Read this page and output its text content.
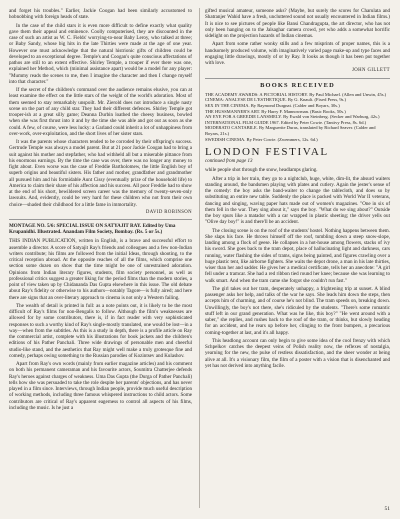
and forget his troubles." Earlier, Jackie Coogan had been similarly accustomed to hobnobbing with foreign heads of state.

In the case of the child stars it is even more difficult to define exactly what quality gave them their appeal and eminence. Coolly computerised, they are discounted in the case of such an artist as W. C. Fields' worrying-to-near Baby Leroy, who talked at three; or Baby Sandy, whose big hits in the late Thirties were made at the age of one year. However one must acknowledge that the natural histrionic gifts of children could be developed to an exceptional degree. Temple's and Coogan's quite conscious affectations of pathos are still to an extent effective. Shirley Temple, a trouper if ever there was one, explained her Method, which (minimal assistance apart) would be a model for any player: "Mummy reads the scenes to me, then I imagine the character and then I change myself into that character."

If the secret of the children's command over the audience remains elusive, you can at least examine the effect on the little stars of the weight of the world's adoration. Most of them seemed to stay remarkably unspoilt. Mr. Zierold does not introduce a single nasty scene on the part of any child star. They had their different defences. Shirley Temple got trooper-ish at a great silly game; Deanna Durbin loathed the cheesy business, bowled when she was first thrust into it and by the time she was able and got out as soon as she could. A few, of course, were less lucky: a Garland could inherit a lot of unhappiness from over-work, over-exploitation, and the short lives of her sister stars.

It was the parents whose characters tended to be corroded by their offspring's success. Gertrude Temple was always a model parent. But at 21 poor Jackie Coogan had to bring a suit against his mother and stepfather, who had withheld all but a miserable pittance from his enormous earnings. By the time the case was over, there was no longer any money to fight about. Even worse was the case of Freddie Bartholomew, the little English boy of superb origins and beautiful sisters. His father and mother, grandfather and grandmother all pursued him and his formidable Aunt Cissy (eventually prize of the household life) to America to claim their share of his affection and his success. All poor Freddie had to show at the end of his short, bewildered screen career was the memory of twenty-seven-only lawsuits. And, evidently, could be very hard for these children who not from their own choice—shaded their childhood for a little fame in immortality.

DAVID ROBINSON
MONTAGE NO. 5/6: SPECIAL ISSUE ON SATYAJIT RAY. Edited by Uma Krupanidhi. Illustrated. Anandam Film Society, Bombay. (Rs. 5 or 5s.)

THIS INDIAN PUBLICATION, written in English, is a brave and successful effort to assemble a director. A score of Satyajit Ray's friends and colleagues and a few non-Indian writers contribute; his films are followed from the initial Ideas, through shooting, to the critical reception abroad. At the opposite reaches of all the films, which comprise one section some dozen on show that the time might be one of unrestrained adoration. Opinions from Indian literary figures, students, film society personnel, as well as professional critics suggest a greater liking for the period films than the modern stories, a point of view taken up by Chidananda Das Gupta elsewhere in this issue. The old debate about Ray's fidelity or otherwise to his authors—notably Tagore—is fully aired; and here there are signs that an over-literary approach to cinema is not only a Western failing.

The wealth of detail is printed in full: as a note points out, it is likely to be the most difficult of Ray's films for non-Bengalis to follow. Although the film's weaknesses are allowed for by some contributors, there is, if in fact reader with very sophisticated responses to such a worthy kind of Ray's single-mostly translated, one would be lost—in a way—when from the subtitles. As this is a study in depth, there is a profile article on Ray the commercial artist, complete with his illustrations for book jackets and the children's editions of his Pather Panchali. Three wide drawings of personable men and cheerful studio-like stand, and the aesthetics that Ray might well make a truly grotesque fine and comedy, perhaps owing something to the Russian parodies of Kozintsev and Kulashov.

Apart from Ray's own words (mainly from earlier magazine articles) and his comment on both his permanent cameraman and his favourite actors, Soumitra Chatterjee defends Ray's heroes against charges of weakness. Uma Das Gupta (the Durga of Pather Panchali) tells how she was persuaded to take the role despite her parents' objections, and has never played in a film since. Interviews, through Indian people, provide much useful description of working methods, including three famous whispered instructions to child actors. Some contributors are critical of Ray's apparent eagerness to control all aspects of his films, including the music. Is he just a

gifted musical amateur, someone asks? (Maybe, but surely the scores for Charulata and Shatranjer Wahid have a fresh, uncluttered sound not usually encountered in Indian films.) It is nice to see pictures of people like Bansi Chandragupta, the art director, who has not only been hanging on to the Jalsaghar camera crowd, yet who adds a somewhat horrific sidelight on the projection hazards of Indian cinemas.

Apart from some rather wonky stills and a few misprints of proper names, this is a handsomely produced volume, with imaginatively varied page make-up and type faces and engaging little drawings, mostly of or by Ray. It looks as though it has been put together with love.

JOHN GILLETT
BOOKS RECEIVED
THE ACADEMY AWARDS: A PICTORIAL HISTORY. By Paul Michael. (Allen and Unwin, 45s.)
CINEMA: ANALYSE DE L'ESTHETIQUE. By G. Knault. (Fixed Press, 9s.)
SEX IN THE CINEMA. By Raymond Durgnat. (Calder and Boyars, 30s.)
THE HUSSMANNER'S ART. By Harry F. Mannowman. (Basic Books, 50s.)
AN EYE FOR A GREEDIE LANSMELY. By Ewald von Steinberg. (Secker and Warburg, 42s.)
INTERNATIONAL FILM GUIDE 1967. Edited by Peter Cowie. (Tantivy Press, 8s. 6d.)
MODERATO CANTABILE. By Marguerite Duras, translated by Richard Seaver. (Calder and Boyars, 21s.)
SWEDISH CINEMA. By Peter Cowie. (Zwemmers, 12s. 6d.)
LONDON FESTIVAL
continued from page 13

while people shot through the snow, headlamps glaring.

After a trip in her train, they go to a nightclub, huge, white, dim-lit, the absurd waiters standing around, the bandsmen playing with plates and cutlery. Again the jester's sense of the comedy: the boy asks the band-waiter to change the tablecloth, and does so by substituting an entire new table. Suddenly the place is packed with World War II veterans, dancing and singing, waving paper hats made out of women's magazines. "One in six of them fell in the war. They sing about it," says the boy. "What do we sing about?" Outside the boy spurs like a matador with a car wrapped in plastic sheeting; the driver yells out "Olive day boy!" is and there'll be an accident.

The closing scene is on the roof of the students' hostel. Nothing happens between them. She slaps his face. He throws himself off the roof, tumbling down a steep snow-slope, landing among a flock of geese. He collapses in a hot-house among flowers, stacks of ivy his sword. She goes back to the tram depot, place of hallucinating light and darkness, cars running, water flashing the sides of trams, signs being painted, and figures crawling over a huge plastic tent, like airborne fighters. She waits the depot drone, a man in his late thirties, wiser than her and sadder. He gives her a medical certificate, tells her an anecdote: "A girl fell under a tramcar. She had a red ribbon tied round her knee; because she was learning to walk smart. And when the tram came she forgot she couldn't run fast."

The girl takes out her tram, desperately unhappy, a frightening trip at sunset. A blind passenger asks her help, and talks of the war he says. She leads him down the steps, then accepts him of charming, and of course he's not blind. The tram speeds on, breaking down. Unwillingly, the boy's not there, she's ridiculed by the students. "There's some romantic stuff left in our grand generation. What was he like, this boy?" "He went around with a saber," she replies, and rushes back to the roof of the tram, or thinks, but slowly heading for an accident, and he rears up before her, clinging to the front bumpers, a precarious coming-together at last, and it's all happy.

This headlong account can only begin to give some idea of the cool frenzy with which Schpelkov catches the deepest veins of Polish reality now, the reflexes of nostalgia, yearning for the new, the pulse of restless dissatisfaction, and the sheer wonder at being alive at all. It's a visionary film, the film of a poster with a vision that is disenchanted and yet has not derived into anything facile.

51
